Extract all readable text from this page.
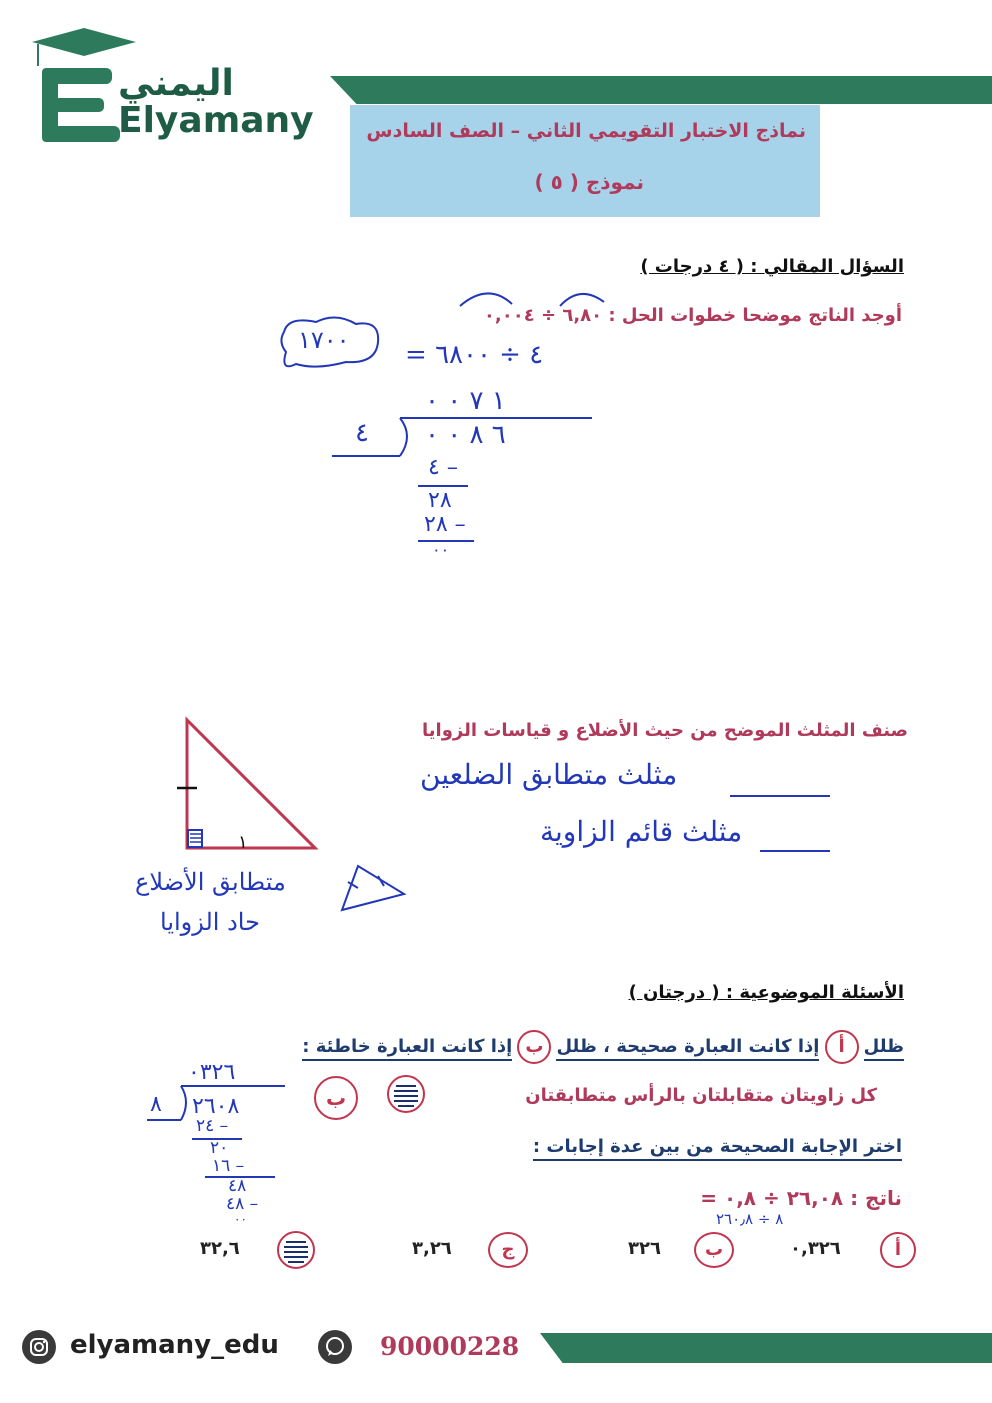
اليمني
Elyamany	نماذج الاختبار التقويمي الثاني – الصف السادس
نموذج ( ٥ )
السؤال المقالي : ( ٤ درجات )
أوجد الناتج موضحا خطوات الحل : ٦,٨٠ ÷ ٠,٠٠٤
١٧٠٠ = ٤ ÷ ٦٨٠٠
١ ٧ ٠ ٠
٤ ٦ ٨ ٠ ٠
٤ –
٢٨
٢٨ –
٠٠
صنف المثلث الموضح من حيث الأضلاع و قياسات الزوايا
١
مثلث متطابق الضلعين
مثلث قائم الزاوية
متطابق الأضلاع
حاد الزوايا
الأسئلة الموضوعية : ( درجتان )
ظلل أ إذا كانت العبارة صحيحة ، ظلل ب إذا كانت العبارة خاطئة :
كل زاويتان متقابلتان بالرأس متطابقتان
ب
٠٣٢٦
٨ ٢٦٠٨
٢٤ –
٢٠
١٦ –
٤٨
٤٨ –
٠٠
اختر الإجابة الصحيحة من بين عدة إجابات :
ناتج : ٢٦,٠٨ ÷ ٠,٨ =
٨ ÷ ٢٦٠٫٨
أ
٠,٣٢٦
ب
٣٢٦
ج
٣,٢٦
٣٢,٦
elyamany_edu	90000228
